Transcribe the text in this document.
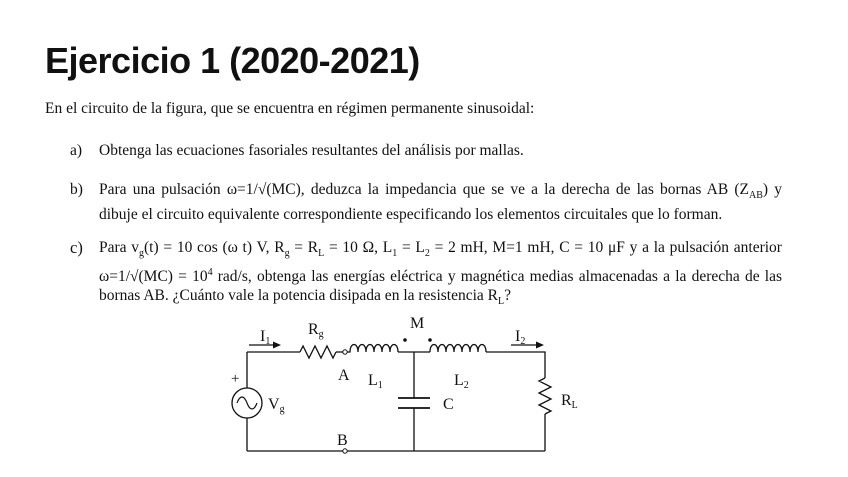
Ejercicio 1 (2020-2021)

En el circuito de la figura, que se encuentra en régimen permanente sinusoidal:

a) Obtenga las ecuaciones fasoriales resultantes del análisis por mallas.
b) Para una pulsación ω=1/√(MC), deduzca la impedancia que se ve a la derecha de las bornas AB $(Z_{AB})$ y dibuje el circuito equivalente correspondiente especificando los elementos circuitales que lo forman.
c) Para $v_g(t) = 10$ cos (ω t) V, $R_g = R_L = 10$ Ω, $L_1 = L_2 = 2$ mH, M=1 mH, C = 10 μF y a la pulsación anterior $\omega=1/√(MC) = 10^4$ rad/s, obtenga las energías eléctrica y magnética medias almacenadas a la derecha de las bornas AB. ¿Cuánto vale la potencia disipada en la resistencia $R_L$?
I1
Rg
M
I2
+
Vg
A L1	L2
C	RL
B
